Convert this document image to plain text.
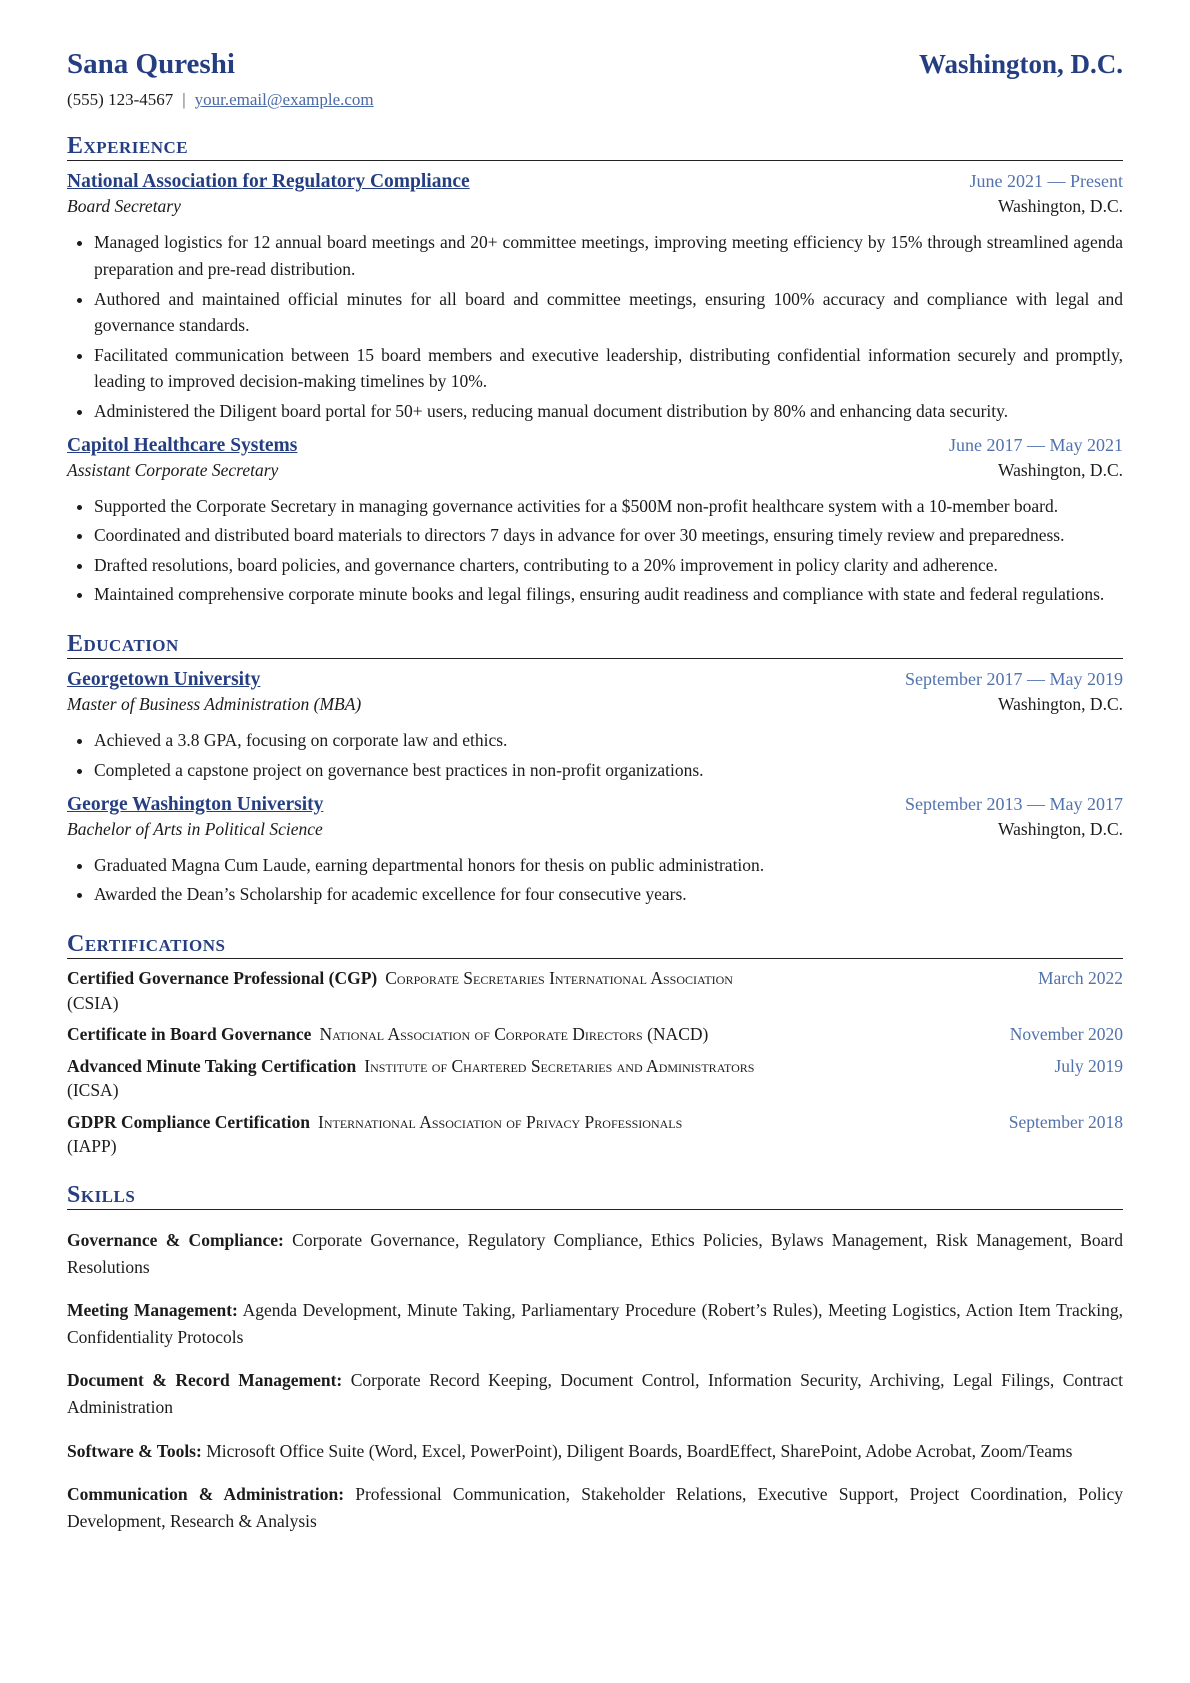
Sana Qureshi	Washington, D.C.
(555) 123-4567 | your.email@example.com
Experience
National Association for Regulatory Compliance	June 2021 — Present
Board Secretary	Washington, D.C.
• Managed logistics for 12 annual board meetings and 20+ committee meetings, improving meeting efficiency by 15% through streamlined agenda preparation and pre-read distribution.
• Authored and maintained official minutes for all board and committee meetings, ensuring 100% accuracy and compliance with legal and governance standards.
• Facilitated communication between 15 board members and executive leadership, distributing confidential information securely and promptly, leading to improved decision-making timelines by 10%.
• Administered the Diligent board portal for 50+ users, reducing manual document distribution by 80% and enhancing data security.
Capitol Healthcare Systems	June 2017 — May 2021
Assistant Corporate Secretary	Washington, D.C.
• Supported the Corporate Secretary in managing governance activities for a $500M non-profit healthcare system with a 10-member board.
• Coordinated and distributed board materials to directors 7 days in advance for over 30 meetings, ensuring timely review and preparedness.
• Drafted resolutions, board policies, and governance charters, contributing to a 20% improvement in policy clarity and adherence.
• Maintained comprehensive corporate minute books and legal filings, ensuring audit readiness and compliance with state and federal regulations.
Education
Georgetown University	September 2017 — May 2019
Master of Business Administration (MBA)	Washington, D.C.
• Achieved a 3.8 GPA, focusing on corporate law and ethics.
• Completed a capstone project on governance best practices in non-profit organizations.
George Washington University	September 2013 — May 2017
Bachelor of Arts in Political Science	Washington, D.C.
• Graduated Magna Cum Laude, earning departmental honors for thesis on public administration.
• Awarded the Dean’s Scholarship for academic excellence for four consecutive years.
Certifications
Certified Governance Professional (CGP) Corporate Secretaries International Association	March 2022
(CSIA)
Certificate in Board Governance National Association of Corporate Directors (NACD)	November 2020
Advanced Minute Taking Certification Institute of Chartered Secretaries and Administrators	July 2019
(ICSA)
GDPR Compliance Certification International Association of Privacy Professionals	September 2018
(IAPP)
Skills

Governance & Compliance: Corporate Governance, Regulatory Compliance, Ethics Policies, Bylaws Management, Risk Management, Board Resolutions

Meeting Management: Agenda Development, Minute Taking, Parliamentary Procedure (Robert’s Rules), Meeting Logistics, Action Item Tracking, Confidentiality Protocols

Document & Record Management: Corporate Record Keeping, Document Control, Information Security, Archiving, Legal Filings, Contract Administration

Software & Tools: Microsoft Office Suite (Word, Excel, PowerPoint), Diligent Boards, BoardEffect, SharePoint, Adobe Acrobat, Zoom/Teams

Communication & Administration: Professional Communication, Stakeholder Relations, Executive Support, Project Coordination, Policy Development, Research & Analysis
